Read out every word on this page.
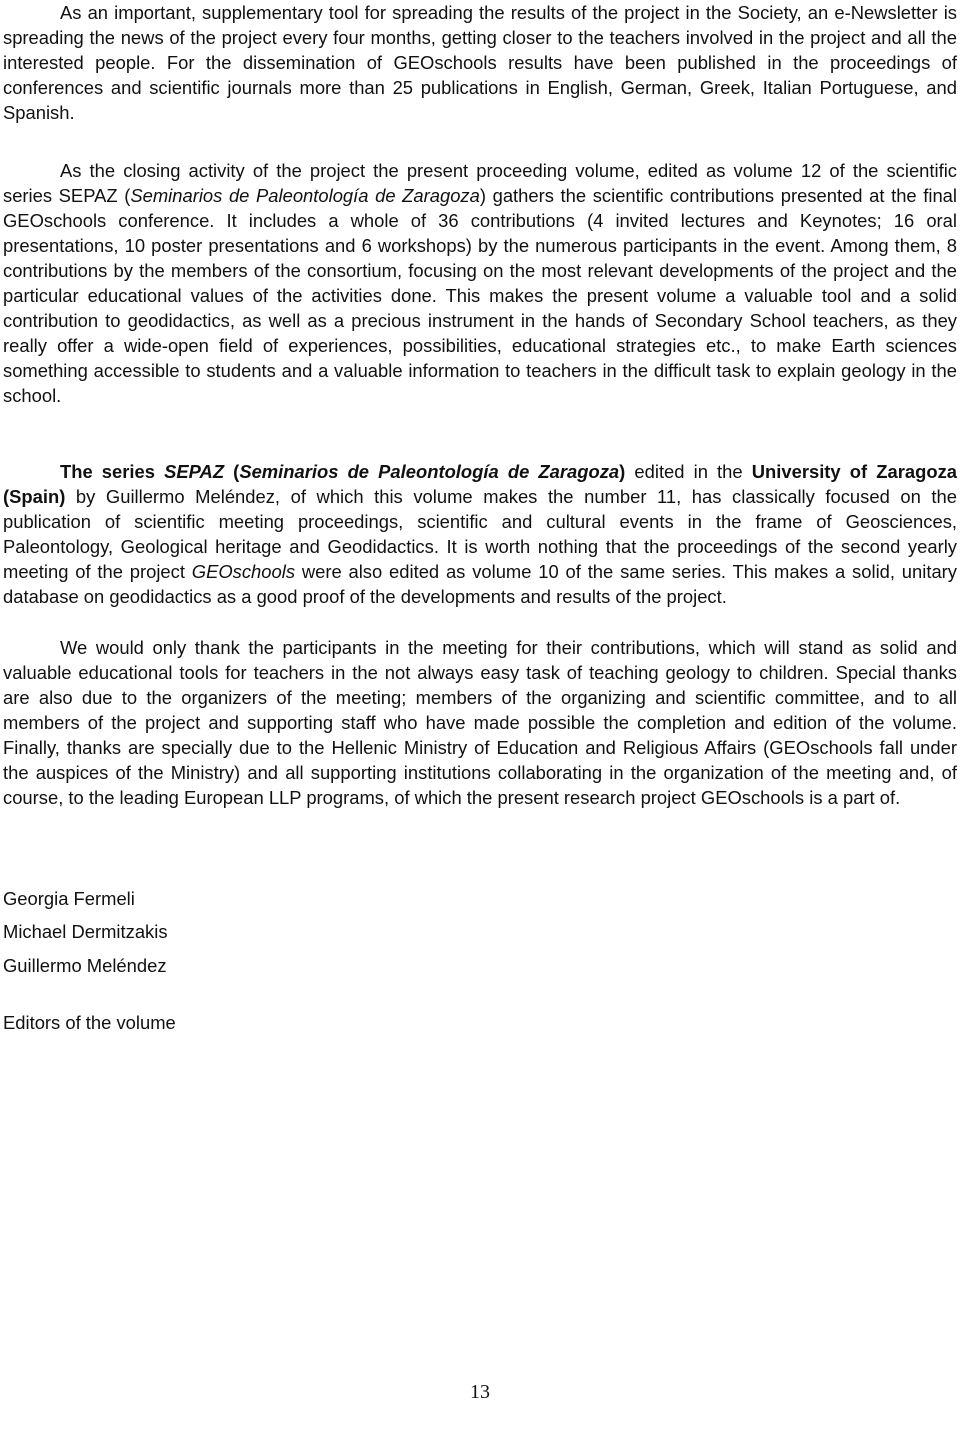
As an important, supplementary tool for spreading the results of the project in the Society, an e-Newsletter is spreading the news of the project every four months, getting closer to the teachers involved in the project and all the interested people. For the dissemination of GEOschools results have been published in the proceedings of conferences and scientific journals more than 25 publications in English, German, Greek, Italian Portuguese, and Spanish.

As the closing activity of the project the present proceeding volume, edited as volume 12 of the scientific series SEPAZ (Seminarios de Paleontología de Zaragoza) gathers the scientific contributions presented at the final GEOschools conference. It includes a whole of 36 contributions (4 invited lectures and Keynotes; 16 oral presentations, 10 poster presentations and 6 workshops) by the numerous participants in the event. Among them, 8 contributions by the members of the consortium, focusing on the most relevant developments of the project and the particular educational values of the activities done. This makes the present volume a valuable tool and a solid contribution to geodidactics, as well as a precious instrument in the hands of Secondary School teachers, as they really offer a wide-open field of experiences, possibilities, educational strategies etc., to make Earth sciences something accessible to students and a valuable information to teachers in the difficult task to explain geology in the school.

The series SEPAZ (Seminarios de Paleontología de Zaragoza) edited in the University of Zaragoza (Spain) by Guillermo Meléndez, of which this volume makes the number 11, has classically focused on the publication of scientific meeting proceedings, scientific and cultural events in the frame of Geosciences, Paleontology, Geological heritage and Geodidactics. It is worth nothing that the proceedings of the second yearly meeting of the project GEOschools were also edited as volume 10 of the same series. This makes a solid, unitary database on geodidactics as a good proof of the developments and results of the project.

We would only thank the participants in the meeting for their contributions, which will stand as solid and valuable educational tools for teachers in the not always easy task of teaching geology to children. Special thanks are also due to the organizers of the meeting; members of the organizing and scientific committee, and to all members of the project and supporting staff who have made possible the completion and edition of the volume. Finally, thanks are specially due to the Hellenic Ministry of Education and Religious Affairs (GEOschools fall under the auspices of the Ministry) and all supporting institutions collaborating in the organization of the meeting and, of course, to the leading European LLP programs, of which the present research project GEOschools is a part of.

Georgia Fermeli
Michael Dermitzakis
Guillermo Meléndez
Editors of the volume
13
